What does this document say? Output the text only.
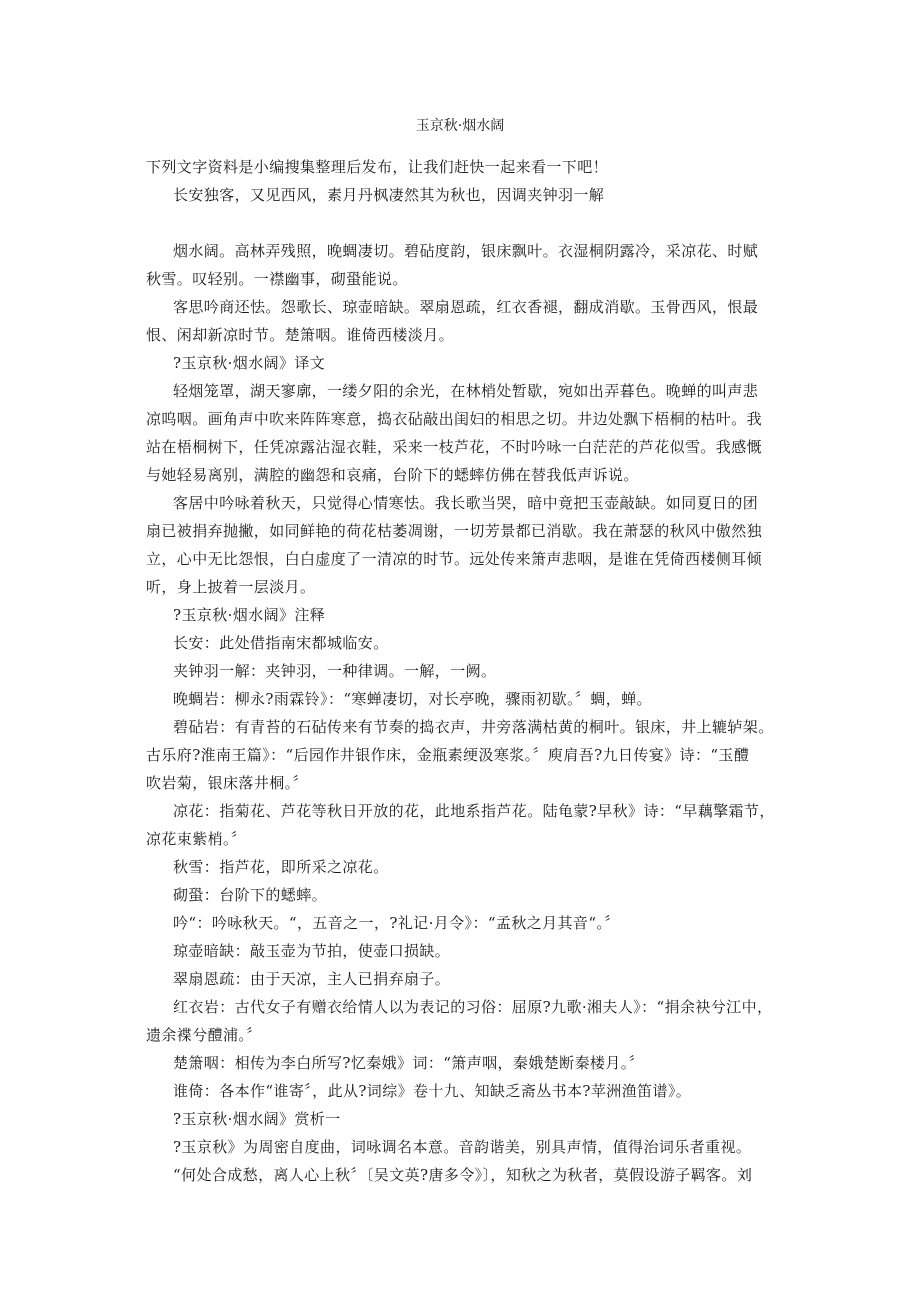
玉京秋·烟水阔
下列文字资料是小编搜集整理后发布，让我们赶快一起来看一下吧！
长安独客，又见西风，素月丹枫凄然其为秋也，因调夹钟羽一解
烟水阔。高林弄残照，晚蜩凄切。碧砧度韵，银床飘叶。衣湿桐阴露冷，采凉花、时赋
秋雪。叹轻别。一襟幽事，砌蛩能说。
客思吟商还怯。怨歌长、琼壶暗缺。翠扇恩疏，红衣香褪，翻成消歇。玉骨西风，恨最
恨、闲却新凉时节。楚箫咽。谁倚西楼淡月。
?玉京秋·烟水阔》译文
轻烟笼罩，湖天寥廓，一缕夕阳的余光，在林梢处暂歇，宛如出弄暮色。晚蝉的叫声悲
凉呜咽。画角声中吹来阵阵寒意，捣衣砧敲出闺妇的相思之切。井边处飘下梧桐的枯叶。我
站在梧桐树下，任凭凉露沾湿衣鞋，采来一枝芦花，不时吟咏一白茫茫的芦花似雪。我感慨
与她轻易离别，满腔的幽怨和哀痛，台阶下的蟋蟀仿佛在替我低声诉说。
客居中吟咏着秋天，只觉得心情寒怯。我长歌当哭，暗中竟把玉壶敲缺。如同夏日的团
扇已被捐弃抛撇，如同鲜艳的荷花枯萎凋谢，一切芳景都已消歇。我在萧瑟的秋风中傲然独
立，心中无比怨恨，白白虚度了一清凉的时节。远处传来箫声悲咽，是谁在凭倚西楼侧耳倾
听，身上披着一层淡月。
?玉京秋·烟水阔》注释
长安：此处借指南宋都城临安。
夹钟羽一解：夹钟羽，一种律调。一解，一阙。
晚蜩岩：柳永?雨霖铃》：“寒蝉凄切，对长亭晚，骤雨初歇。〞蜩，蝉。
碧砧岩：有青苔的石砧传来有节奏的捣衣声，井旁落满枯黄的桐叶。银床，井上辘轳架。
古乐府?淮南王篇》：“后园作井银作床，金瓶素绠汲寒浆。〞庾肩吾?九日传宴》诗：“玉醴
吹岩菊，银床落井桐。〞
凉花：指菊花、芦花等秋日开放的花，此地系指芦花。陆龟蒙?早秋》诗：“早藕擎霜节，
凉花束紫梢。〞
秋雪：指芦花，即所采之凉花。
砌蛩：台阶下的蟋蟀。
吟“：吟咏秋天。“，五音之一，?礼记·月令》：“孟秋之月其音“。〞
琼壶暗缺：敲玉壶为节拍，使壶口损缺。
翠扇恩疏：由于天凉，主人已捐弃扇子。
红衣岩：古代女子有赠衣给情人以为表记的习俗：屈原?九歌·湘夫人》：“捐余袂兮江中，
遗余褋兮醴浦。〞
楚箫咽：相传为李白所写?忆秦娥》词：“箫声咽，秦娥楚断秦楼月。〞
谁倚：各本作“谁寄〞，此从?词综》卷十九、知缺乏斋丛书本?苹洲渔笛谱》。
?玉京秋·烟水阔》赏析一
?玉京秋》为周密自度曲，词咏调名本意。音韵谐美，别具声情，值得治词乐者重视。
“何处合成愁，离人心上秋〞〔吴文英?唐多令》〕，知秋之为秋者，莫假设游子羁客。刘
